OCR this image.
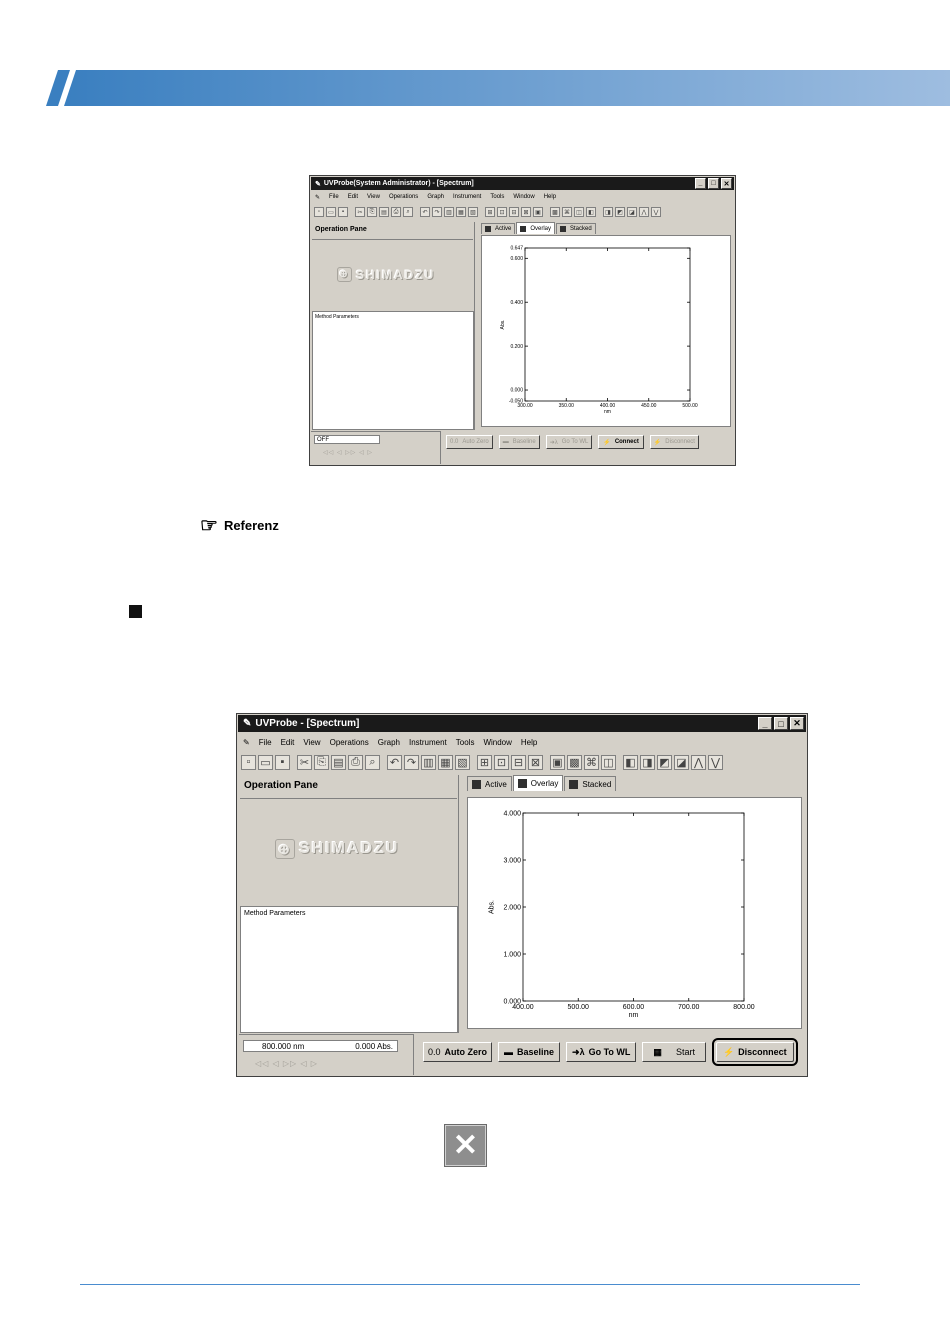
✎ UVProbe(System Administrator) - [Spectrum]	_	□	✕
✎ File Edit View Operations Graph Instrument Tools Window Help
▫	▭	▪	✂	⎘	▤	⎙	⌕	↶	↷	▥	▦	▧	⊞	⊡	⊟	⊠	▣	▩	⌘	◫	◧	◨	◩	◪	⋀	⋁
Operation Pane
⊕ SHIMADZU
Method Parameters
Active	Overlay	Stacked
300.00	350.00	400.00	450.00	500.00
0.647
0.600
0.400
0.200
0.000
-0.050
nm
Abs.
OFF
◁◁ ◁ ▷▷ ◁ ▷
0.0 Auto Zero ▬ Baseline ➜λ Go To WL	⚡ Connect	⚡ Disconnect
☞ Referenz
✎ UVProbe - [Spectrum]	_	□	✕
✎ File Edit View Operations Graph Instrument Tools Window Help
▫ ▭ ▪	✂ ⎘ ▤ ⎙ ⌕	↶ ↷ ▥ ▦ ▧ ⊞ ⊡ ⊟ ⊠ ▣ ▩ ⌘ ◫ ◧ ◨ ◩ ◪ ⋀ ⋁
Operation Pane
⊕ SHIMADZU
Method Parameters
Active	Overlay	Stacked
400.00	500.00	600.00	700.00	800.00
4.000
3.000
2.000
1.000
0.000
nm
Abs.
800.000 nm	0.000 Abs.
◁◁ ◁ ▷▷ ◁ ▷
0.0 Auto Zero ▬ Baseline ➜λ Go To WL	▦ Start	⚡ Disconnect
✕
